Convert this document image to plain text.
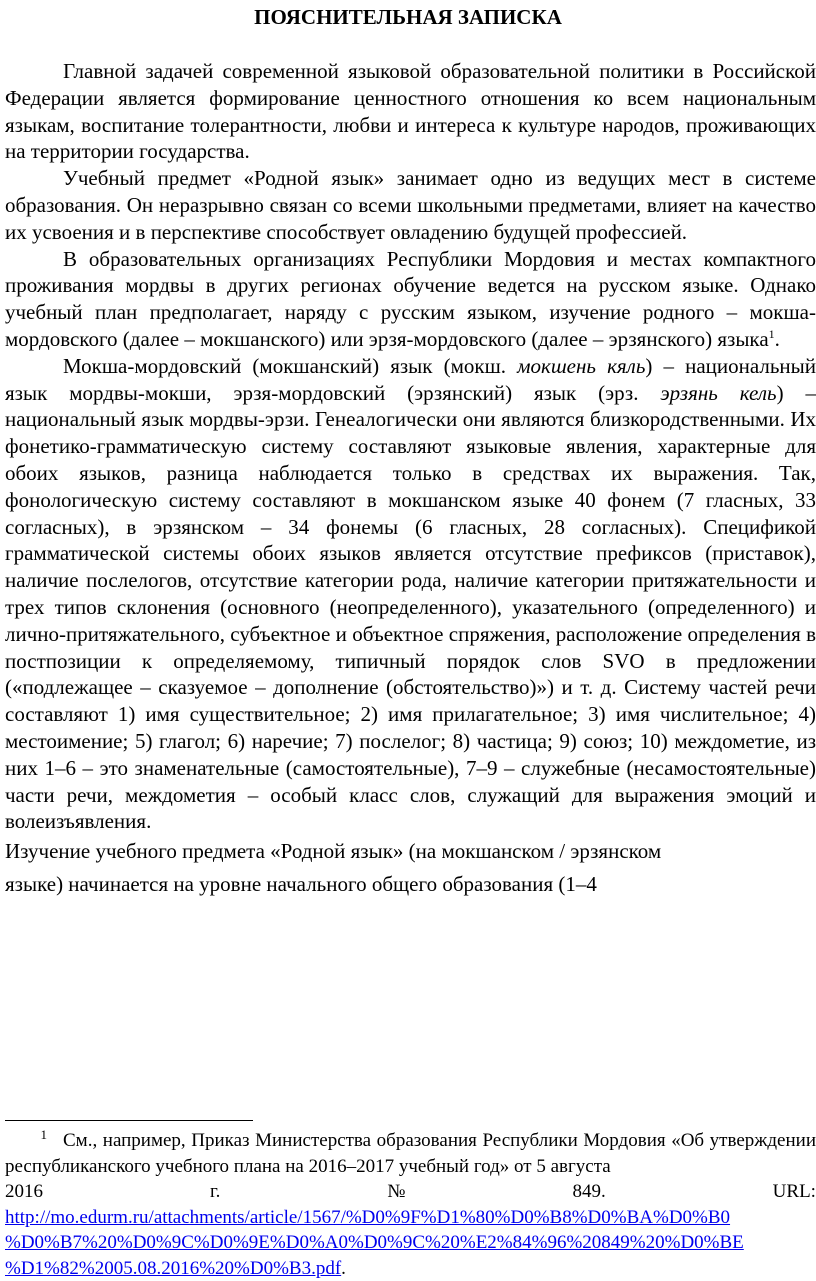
ПОЯСНИТЕЛЬНАЯ ЗАПИСКА

Главной задачей современной языковой образовательной политики в Российской Федерации является формирование ценностного отношения ко всем национальным языкам, воспитание толерантности, любви и интереса к культуре народов, проживающих на территории государства.

Учебный предмет «Родной язык» занимает одно из ведущих мест в системе образования. Он неразрывно связан со всеми школьными предметами, влияет на качество их усвоения и в перспективе способствует овладению будущей профессией.

В образовательных организациях Республики Мордовия и местах компактного проживания мордвы в других регионах обучение ведется на русском языке. Однако учебный план предполагает, наряду с русским языком, изучение родного – мокша-мордовского (далее – мокшанского) или эрзя-мордовского (далее – эрзянского) языка$^1$.

Мокша-мордовский (мокшанский) язык (мокш. мокшень кяль) – национальный язык мордвы-мокши, эрзя-мордовский (эрзянский) язык (эрз. эрзянь кель) – национальный язык мордвы-эрзи. Генеалогически они являются близкородственными. Их фонетико-грамматическую систему составляют языковые явления, характерные для обоих языков, разница наблюдается только в средствах их выражения. Так, фонологическую систему составляют в мокшанском языке 40 фонем (7 гласных, 33 согласных), в эрзянском – 34 фонемы (6 гласных, 28 согласных). Спецификой грамматической системы обоих языков является отсутствие префиксов (приставок), наличие послелогов, отсутствие категории рода, наличие категории притяжательности и трех типов склонения (основного (неопределенного), указательного (определенного) и лично-притяжательного, субъектное и объектное спряжения, расположение определения в постпозиции к определяемому, типичный порядок слов SVO в предложении («подлежащее – сказуемое – дополнение (обстоятельство)») и т. д. Систему частей речи составляют 1) имя существительное; 2) имя прилагательное; 3) имя числительное; 4) местоимение; 5) глагол; 6) наречие; 7) послелог; 8) частица; 9) союз; 10) междометие, из них 1–6 – это знаменательные (самостоятельные), 7–9 – служебные (несамостоятельные) части речи, междометия – особый класс слов, служащий для выражения эмоций и волеизъявления.

Изучение учебного предмета «Родной язык» (на мокшанском / эрзянском
языке) начинается на уровне начального общего образования (1–4

1 См., например, Приказ Министерства образования Республики Мордовия «Об утверждении республиканского учебного плана на 2016–2017 учебный год» от 5 августа
2016	г.	№	849.	URL:
http://mo.edurm.ru/attachments/article/1567/%D0%9F%D1%80%D0%B8%D0%BA%D0%B0
%D0%B7%20%D0%9C%D0%9E%D0%A0%D0%9C%20%E2%84%96%20849%20%D0%BE
%D1%82%2005.08.2016%20%D0%B3.pdf.
